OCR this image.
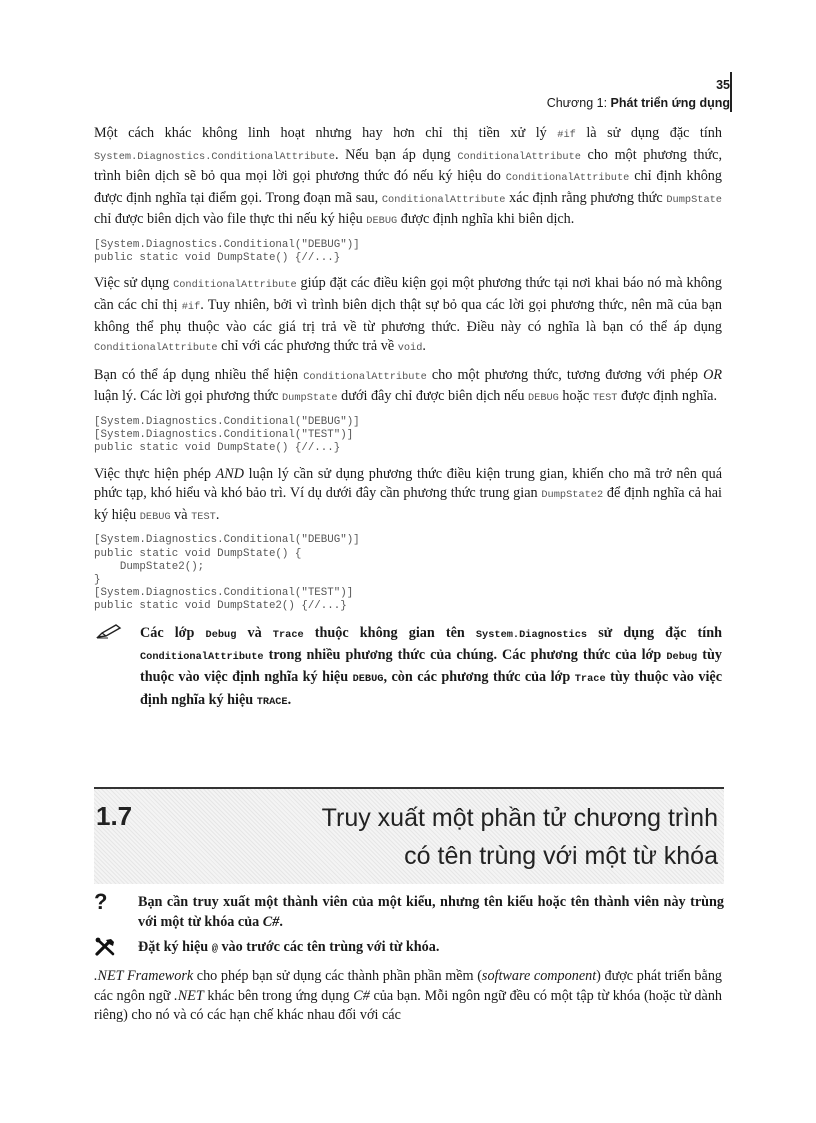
35
Chương 1: Phát triển ứng dụng

Một cách khác không linh hoạt nhưng hay hơn chỉ thị tiền xử lý #if là sử dụng đặc tính System.Diagnostics.ConditionalAttribute. Nếu bạn áp dụng ConditionalAttribute cho một phương thức, trình biên dịch sẽ bỏ qua mọi lời gọi phương thức đó nếu ký hiệu do ConditionalAttribute chỉ định không được định nghĩa tại điểm gọi. Trong đoạn mã sau, ConditionalAttribute xác định rằng phương thức DumpState chỉ được biên dịch vào file thực thi nếu ký hiệu DEBUG được định nghĩa khi biên dịch.

[System.Diagnostics.Conditional("DEBUG")]
public static void DumpState() {//...}

Việc sử dụng ConditionalAttribute giúp đặt các điều kiện gọi một phương thức tại nơi khai báo nó mà không cần các chỉ thị #if. Tuy nhiên, bởi vì trình biên dịch thật sự bỏ qua các lời gọi phương thức, nên mã của bạn không thể phụ thuộc vào các giá trị trả về từ phương thức. Điều này có nghĩa là bạn có thể áp dụng ConditionalAttribute chỉ với các phương thức trả về void.

Bạn có thể áp dụng nhiều thể hiện ConditionalAttribute cho một phương thức, tương đương với phép OR luận lý. Các lời gọi phương thức DumpState dưới đây chỉ được biên dịch nếu DEBUG hoặc TEST được định nghĩa.

[System.Diagnostics.Conditional("DEBUG")]
[System.Diagnostics.Conditional("TEST")]
public static void DumpState() {//...}

Việc thực hiện phép AND luận lý cần sử dụng phương thức điều kiện trung gian, khiến cho mã trở nên quá phức tạp, khó hiểu và khó bảo trì. Ví dụ dưới đây cần phương thức trung gian DumpState2 để định nghĩa cả hai ký hiệu DEBUG và TEST.

[System.Diagnostics.Conditional("DEBUG")]
public static void DumpState() {
DumpState2();
}
[System.Diagnostics.Conditional("TEST")]
public static void DumpState2() {//...}
Các lớp Debug và Trace thuộc không gian tên System.Diagnostics sử dụng đặc tính ConditionalAttribute trong nhiều phương thức của chúng. Các phương thức của lớp Debug tùy thuộc vào việc định nghĩa ký hiệu DEBUG, còn các phương thức của lớp Trace tùy thuộc vào việc định nghĩa ký hiệu TRACE.
1.7	Truy xuất một phần tử chương trình
có tên trùng với một từ khóa
?	Bạn cần truy xuất một thành viên của một kiểu, nhưng tên kiểu hoặc tên thành viên này trùng với một từ khóa của C#.
Đặt ký hiệu @ vào trước các tên trùng với từ khóa.

.NET Framework cho phép bạn sử dụng các thành phần phần mềm (software component) được phát triển bằng các ngôn ngữ .NET khác bên trong ứng dụng C# của bạn. Mỗi ngôn ngữ đều có một tập từ khóa (hoặc từ dành riêng) cho nó và có các hạn chế khác nhau đối với các
